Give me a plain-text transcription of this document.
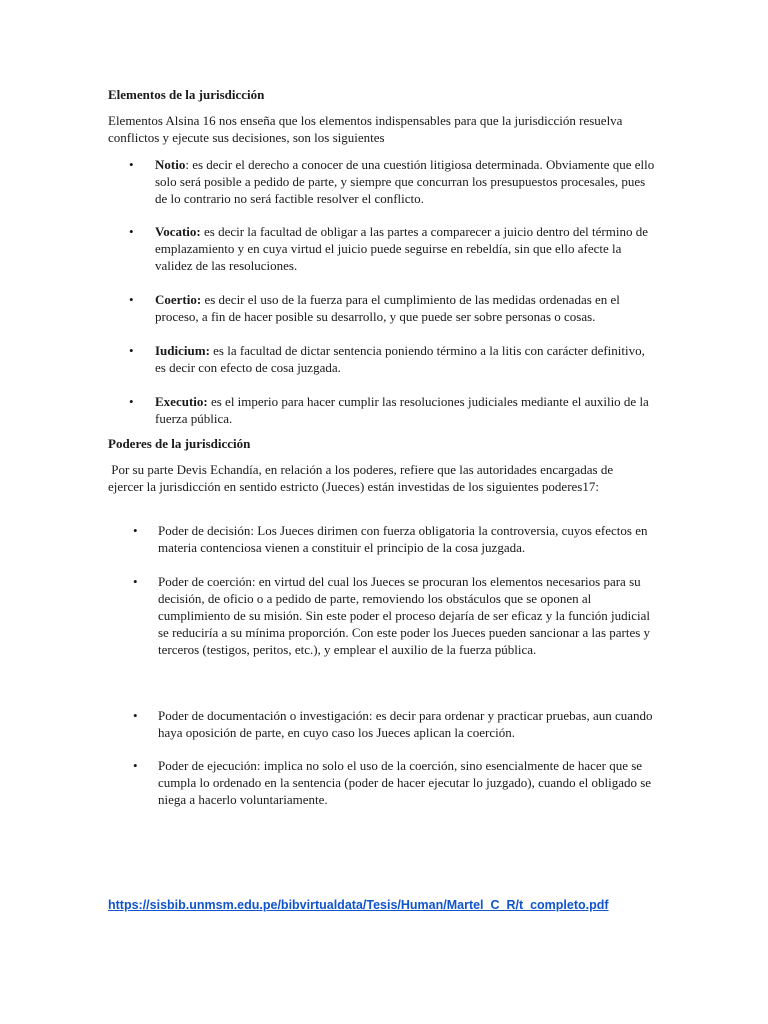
Elementos de la jurisdicción
Elementos Alsina 16 nos enseña que los elementos indispensables para que la jurisdicción resuelva conflictos y ejecute sus decisiones, son los siguientes
• Notio: es decir el derecho a conocer de una cuestión litigiosa determinada. Obviamente que ello solo será posible a pedido de parte, y siempre que concurran los presupuestos procesales, pues de lo contrario no será factible resolver el conflicto.
• Vocatio: es decir la facultad de obligar a las partes a comparecer a juicio dentro del término de emplazamiento y en cuya virtud el juicio puede seguirse en rebeldía, sin que ello afecte la validez de las resoluciones.
• Coertio: es decir el uso de la fuerza para el cumplimiento de las medidas ordenadas en el proceso, a fin de hacer posible su desarrollo, y que puede ser sobre personas o cosas.
• Iudicium: es la facultad de dictar sentencia poniendo término a la litis con carácter definitivo, es decir con efecto de cosa juzgada.
• Executio: es el imperio para hacer cumplir las resoluciones judiciales mediante el auxilio de la fuerza pública.
Poderes de la jurisdicción
Por su parte Devis Echandía, en relación a los poderes, refiere que las autoridades encargadas de ejercer la jurisdicción en sentido estricto (Jueces) están investidas de los siguientes poderes17:
• Poder de decisión: Los Jueces dirimen con fuerza obligatoria la controversia, cuyos efectos en materia contenciosa vienen a constituir el principio de la cosa juzgada.
• Poder de coerción: en virtud del cual los Jueces se procuran los elementos necesarios para su decisión, de oficio o a pedido de parte, removiendo los obstáculos que se oponen al cumplimiento de su misión. Sin este poder el proceso dejaría de ser eficaz y la función judicial se reduciría a su mínima proporción. Con este poder los Jueces pueden sancionar a las partes y terceros (testigos, peritos, etc.), y emplear el auxilio de la fuerza pública.
• Poder de documentación o investigación: es decir para ordenar y practicar pruebas, aun cuando haya oposición de parte, en cuyo caso los Jueces aplican la coerción.
• Poder de ejecución: implica no solo el uso de la coerción, sino esencialmente de hacer que se cumpla lo ordenado en la sentencia (poder de hacer ejecutar lo juzgado), cuando el obligado se niega a hacerlo voluntariamente.
https://sisbib.unmsm.edu.pe/bibvirtualdata/Tesis/Human/Martel_C_R/t_completo.pdf
